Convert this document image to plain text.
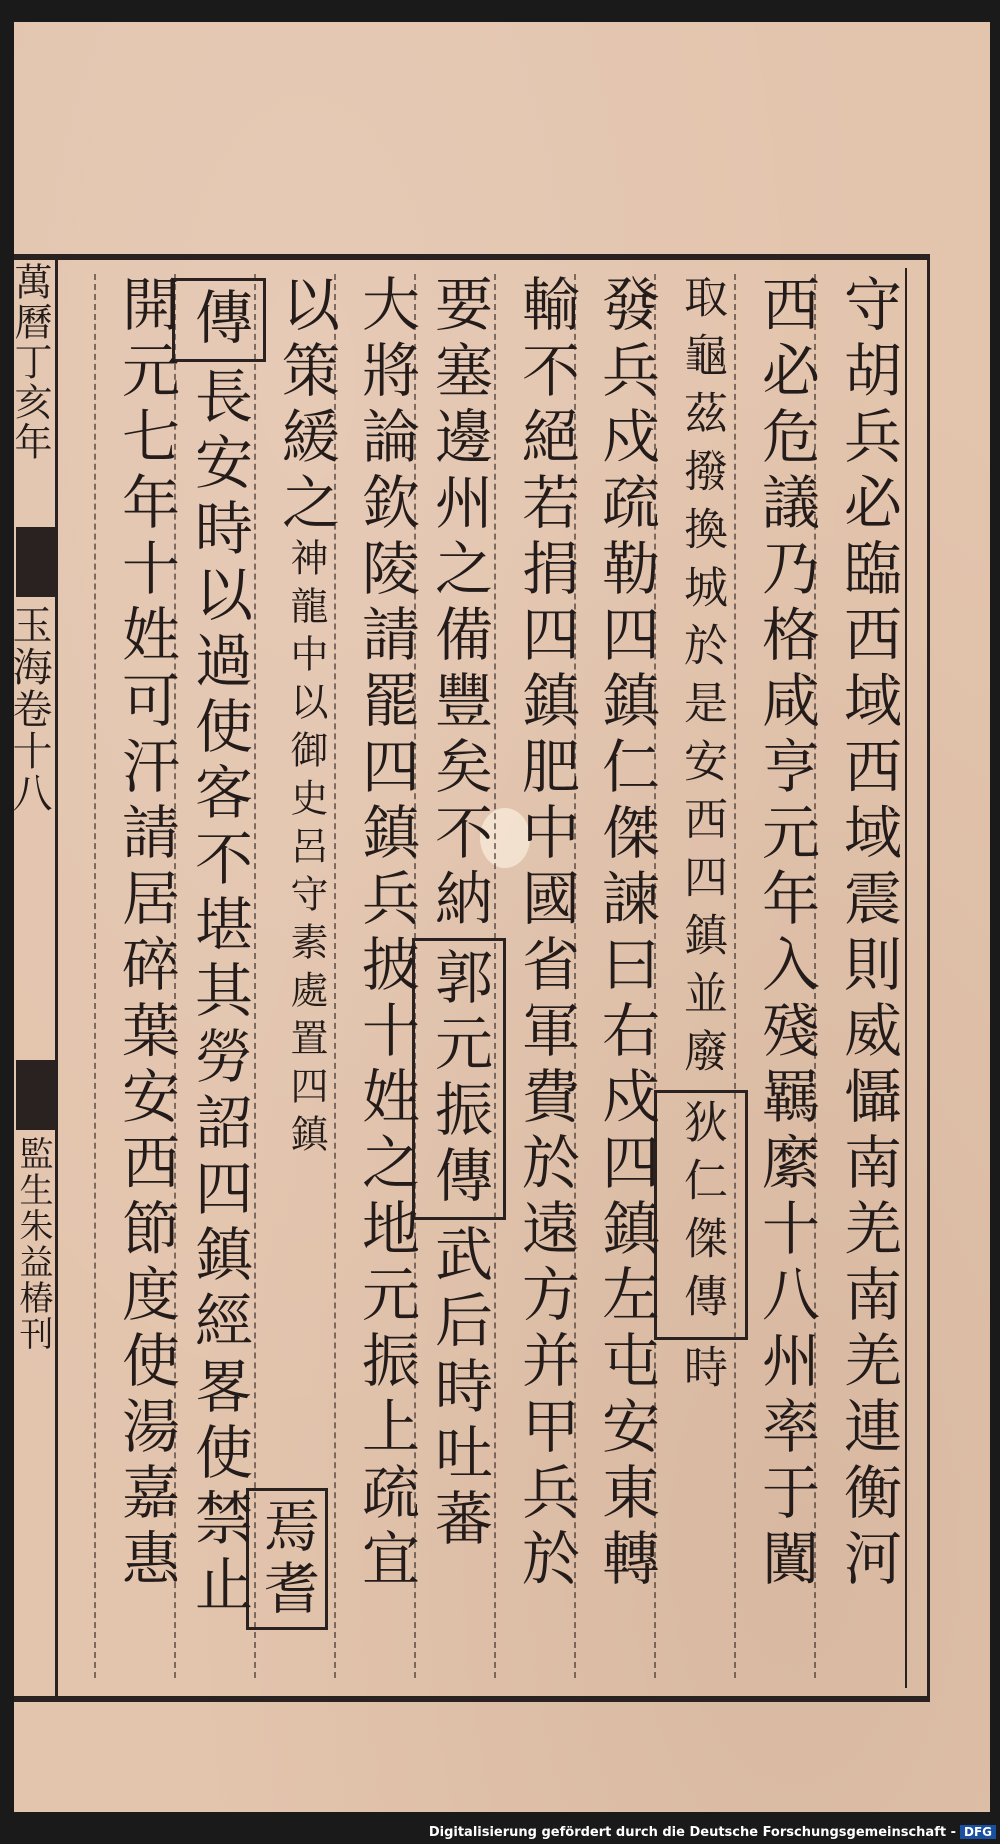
萬曆丁亥年
玉海卷十八
監生朱益椿刊	守胡兵必臨西域西域震則威懾南羌南羌連衡河
西必危議乃格咸亨元年入殘羈縻十八州率于闐
取龜茲撥換城於是安西四鎮並廢狄仁傑傳時
發兵戍疏勒四鎮仁傑諫曰右戍四鎮左屯安東轉
輸不絕若捐四鎮肥中國省軍費於遠方并甲兵於
要塞邊州之備豐矣不納郭元振傳武后時吐蕃
大將論欽陵請罷四鎮兵披十姓之地元振上疏宜
以策緩之神龍中以御史呂守素處置四鎮
焉耆
傳長安時以過使客不堪其勞詔四鎮經畧使禁止
開元七年十姓可汗請居碎葉安西節度使湯嘉惠
Digitalisierung gefördert durch die Deutsche Forschungsgemeinschaft - DFG
